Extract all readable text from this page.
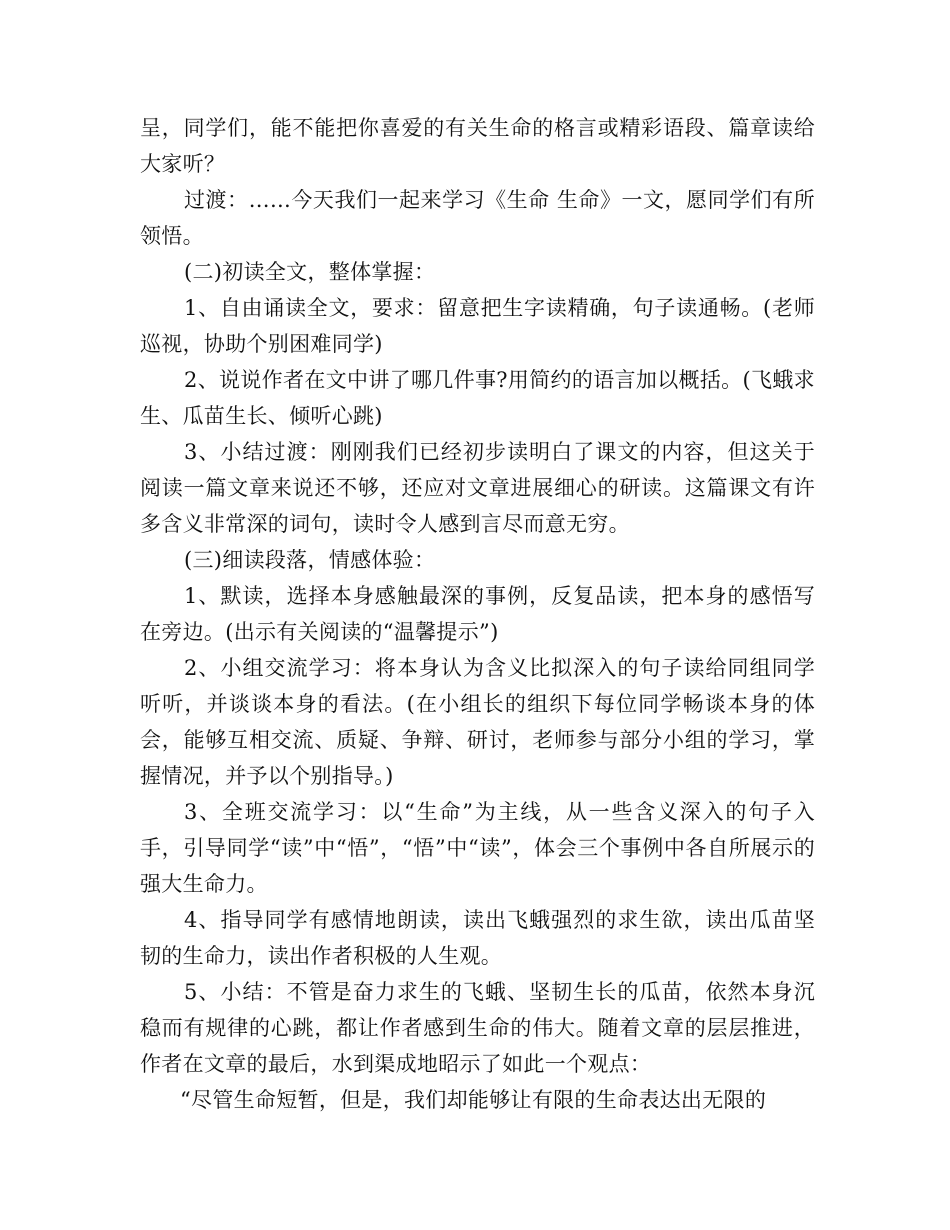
呈，同学们，能不能把你喜爱的有关生命的格言或精彩语段、篇章读给大家听？

过渡：……今天我们一起来学习《生命 生命》一文，愿同学们有所领悟。

(二)初读全文，整体掌握：

1、自由诵读全文，要求：留意把生字读精确，句子读通畅。(老师巡视，协助个别困难同学)

2、说说作者在文中讲了哪几件事?用简约的语言加以概括。(飞蛾求生、瓜苗生长、倾听心跳)

3、小结过渡：刚刚我们已经初步读明白了课文的内容，但这关于阅读一篇文章来说还不够，还应对文章进展细心的研读。这篇课文有许多含义非常深的词句，读时令人感到言尽而意无穷。

(三)细读段落，情感体验：

1、默读，选择本身感触最深的事例，反复品读，把本身的感悟写在旁边。(出示有关阅读的“温馨提示”)

2、小组交流学习：将本身认为含义比拟深入的句子读给同组同学听听，并谈谈本身的看法。(在小组长的组织下每位同学畅谈本身的体会，能够互相交流、质疑、争辩、研讨，老师参与部分小组的学习，掌握情况，并予以个别指导。)

3、全班交流学习：以“生命”为主线，从一些含义深入的句子入手，引导同学“读”中“悟”，“悟”中“读”，体会三个事例中各自所展示的强大生命力。

4、指导同学有感情地朗读，读出飞蛾强烈的求生欲，读出瓜苗坚韧的生命力，读出作者积极的人生观。

5、小结：不管是奋力求生的飞蛾、坚韧生长的瓜苗，依然本身沉稳而有规律的心跳，都让作者感到生命的伟大。随着文章的层层推进，作者在文章的最后，水到渠成地昭示了如此一个观点：

“尽管生命短暂，但是，我们却能够让有限的生命表达出无限的
